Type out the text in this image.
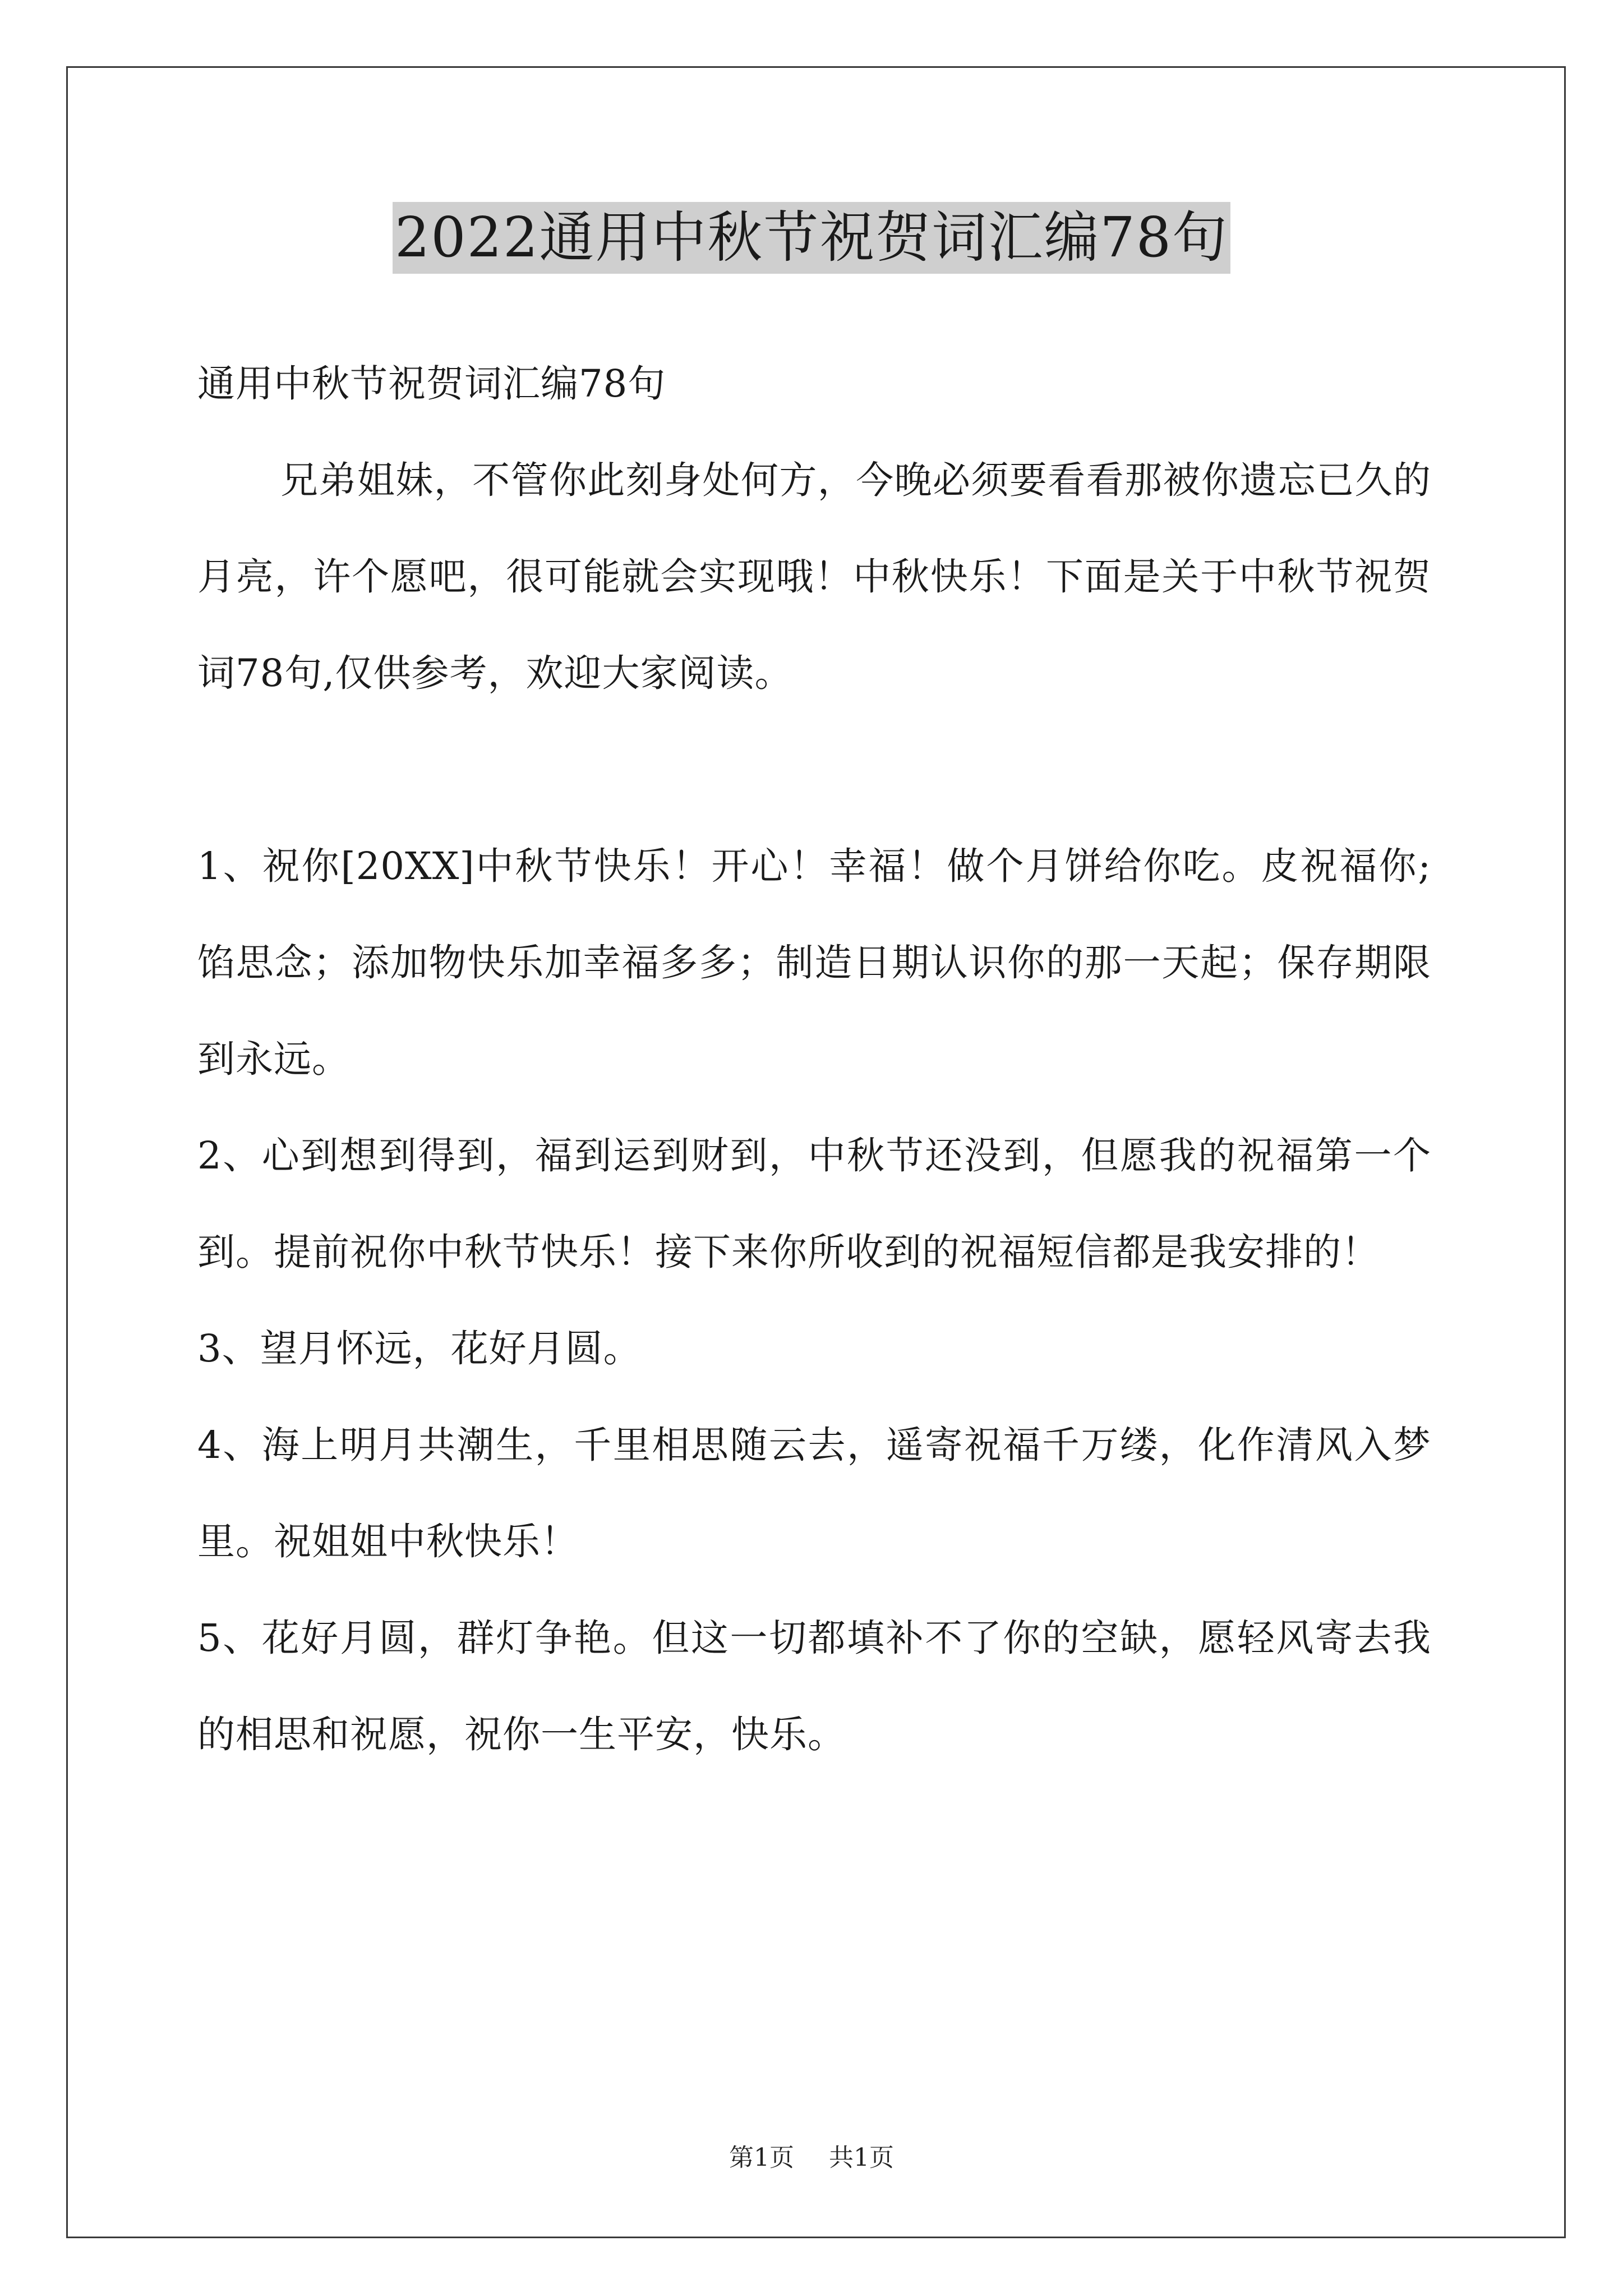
2022通用中秋节祝贺词汇编78句

通用中秋节祝贺词汇编78句

兄弟姐妹，不管你此刻身处何方，今晚必须要看看那被你遗忘已久的月亮，许个愿吧，很可能就会实现哦！中秋快乐！下面是关于中秋节祝贺词78句,仅供参考，欢迎大家阅读。

1、祝你[20XX]中秋节快乐！开心！幸福！做个月饼给你吃。皮祝福你;馅思念；添加物快乐加幸福多多；制造日期认识你的那一天起；保存期限到永远。

2、心到想到得到，福到运到财到，中秋节还没到，但愿我的祝福第一个到。提前祝你中秋节快乐！接下来你所收到的祝福短信都是我安排的！

3、望月怀远，花好月圆。

4、海上明月共潮生，千里相思随云去，遥寄祝福千万缕，化作清风入梦里。祝姐姐中秋快乐！

5、花好月圆，群灯争艳。但这一切都填补不了你的空缺，愿轻风寄去我的相思和祝愿，祝你一生平安，快乐。

第1页 共1页
